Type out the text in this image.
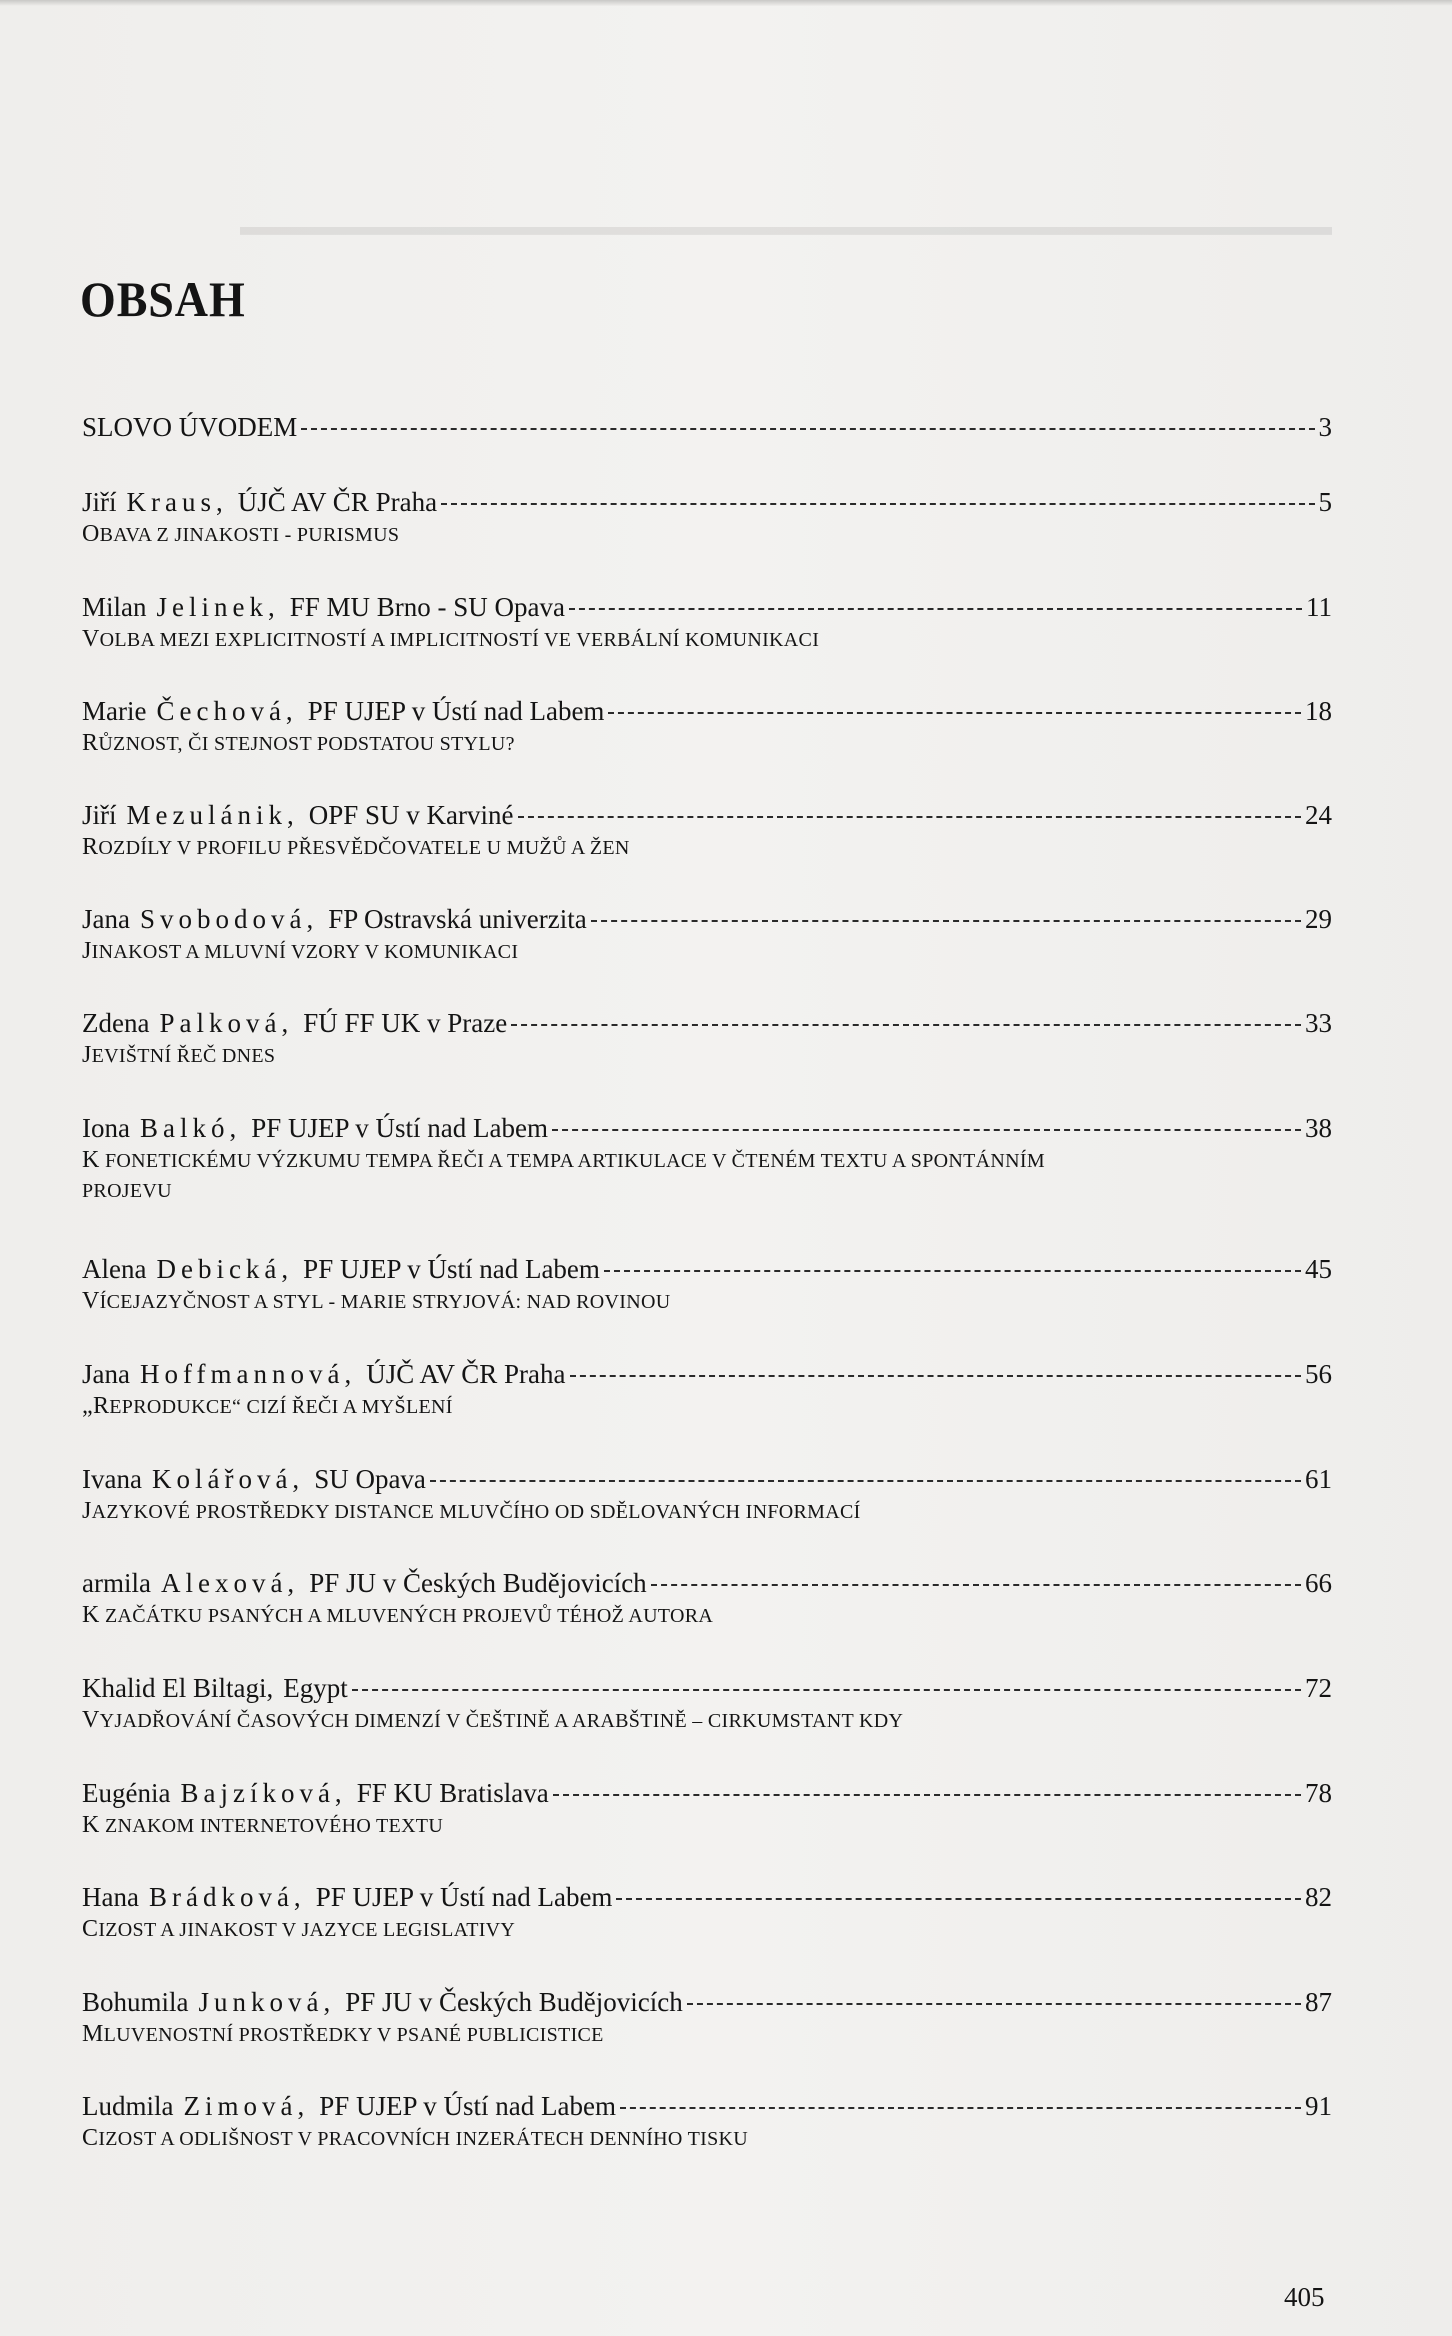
▬▬▬▬▬▬▬▬▬▬▬▬▬▬▬▬▬▬▬▬▬▬▬▬▬▬▬▬▬▬▬▬▬▬▬▬▬▬▬▬▬▬
OBSAH
SLOVO ÚVODEM	3
Jiří Kraus, ÚJČ AV ČR Praha	5
OBAVA Z JINAKOSTI - PURISMUS
Milan Jelinek, FF MU Brno - SU Opava	11
VOLBA MEZI EXPLICITNOSTÍ A IMPLICITNOSTÍ VE VERBÁLNÍ KOMUNIKACI
Marie Čechová, PF UJEP v Ústí nad Labem	18
RŮZNOST, ČI STEJNOST PODSTATOU STYLU?
Jiří Mezulánik, OPF SU v Karviné	24
ROZDÍLY V PROFILU PŘESVĚDČOVATELE U MUŽŮ A ŽEN
Jana Svobodová, FP Ostravská univerzita	29
JINAKOST A MLUVNÍ VZORY V KOMUNIKACI
Zdena Palková, FÚ FF UK v Praze	33
JEVIŠTNÍ ŘEČ DNES
Iona Balkó, PF UJEP v Ústí nad Labem	38
K FONETICKÉMU VÝZKUMU TEMPA ŘEČI A TEMPA ARTIKULACE V ČTENÉM TEXTU A SPONTÁNNÍM PROJEVU
Alena Debická, PF UJEP v Ústí nad Labem	45
VÍCEJAZYČNOST A STYL - MARIE STRYJOVÁ: NAD ROVINOU
Jana Hoffmannová, ÚJČ AV ČR Praha	56
„REPRODUKCE“ CIZÍ ŘEČI A MYŠLENÍ
Ivana Kolářová, SU Opava	61
JAZYKOVÉ PROSTŘEDKY DISTANCE MLUVČÍHO OD SDĚLOVANÝCH INFORMACÍ
armila Alexová, PF JU v Českých Budějovicích	66
K ZAČÁTKU PSANÝCH A MLUVENÝCH PROJEVŮ TÉHOŽ AUTORA
Khalid El Biltagi, Egypt	72
VYJADŘOVÁNÍ ČASOVÝCH DIMENZÍ V ČEŠTINĚ A ARABŠTINĚ – CIRKUMSTANT KDY
Eugénia Bajzíková, FF KU Bratislava	78
K ZNAKOM INTERNETOVÉHO TEXTU
Hana Brádková, PF UJEP v Ústí nad Labem	82
CIZOST A JINAKOST V JAZYCE LEGISLATIVY
Bohumila Junková, PF JU v Českých Budějovicích	87
MLUVENOSTNÍ PROSTŘEDKY V PSANÉ PUBLICISTICE
Ludmila Zimová, PF UJEP v Ústí nad Labem	91
CIZOST A ODLIŠNOST V PRACOVNÍCH INZERÁTECH DENNÍHO TISKU
405
